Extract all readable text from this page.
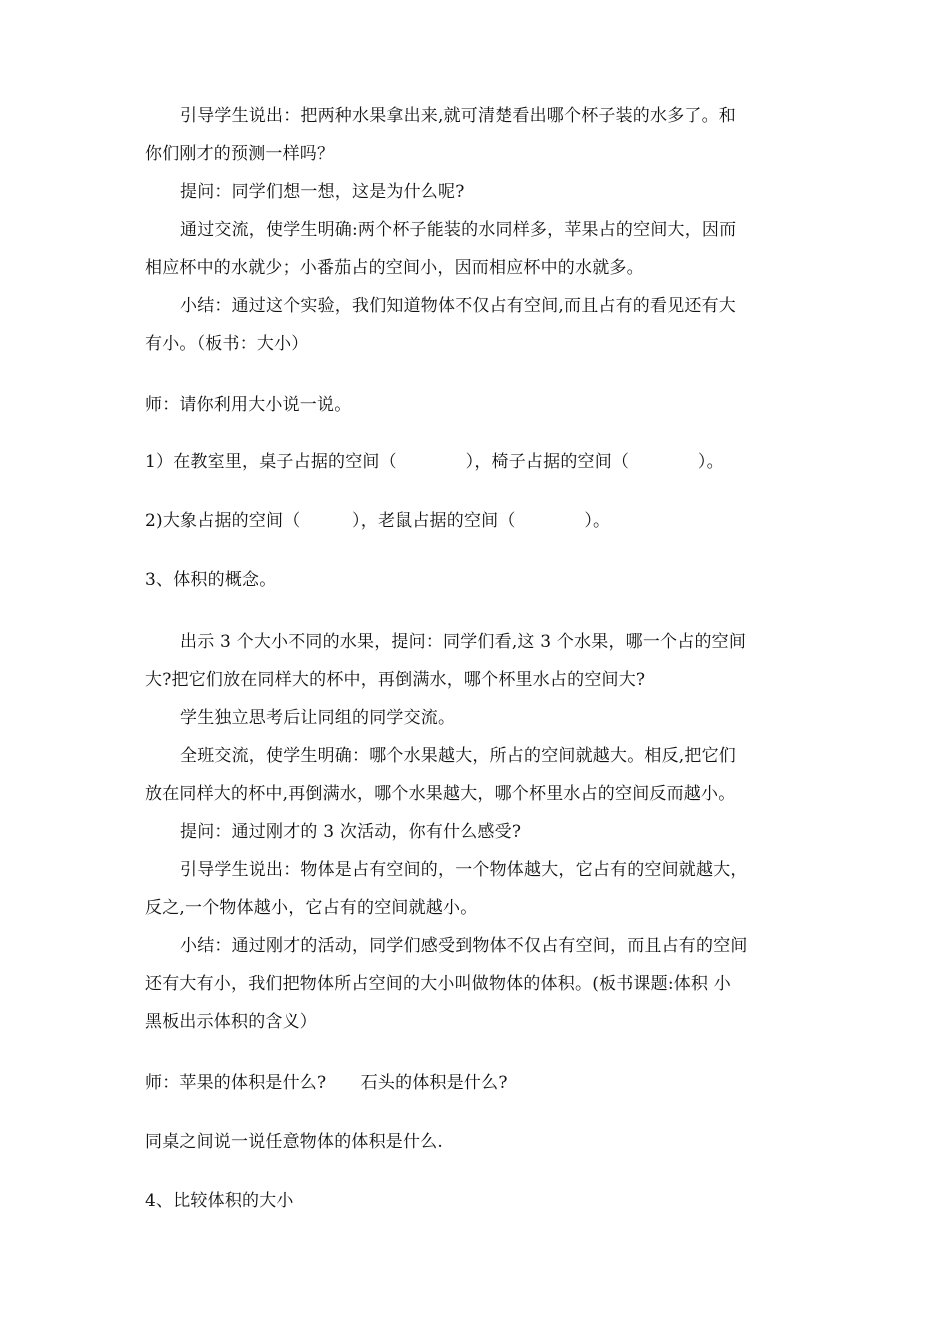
引导学生说出：把两种水果拿出来,就可清楚看出哪个杯子装的水多了。和
你们刚才的预测一样吗？
提问：同学们想一想，这是为什么呢?
通过交流，使学生明确:两个杯子能装的水同样多，苹果占的空间大，因而
相应杯中的水就少；小番茄占的空间小，因而相应杯中的水就多。
小结：通过这个实验，我们知道物体不仅占有空间,而且占有的看见还有大
有小。（板书：大小）
师：请你利用大小说一说。
1）在教室里，桌子占据的空间（　　　　），椅子占据的空间（　　　　）。
2)大象占据的空间（　　　），老鼠占据的空间（　　　　）。
3、体积的概念。
出示 3 个大小不同的水果，提问：同学们看,这 3 个水果，哪一个占的空间
大?把它们放在同样大的杯中，再倒满水，哪个杯里水占的空间大?
学生独立思考后让同组的同学交流。
全班交流，使学生明确：哪个水果越大，所占的空间就越大。相反,把它们
放在同样大的杯中,再倒满水，哪个水果越大，哪个杯里水占的空间反而越小。
提问：通过刚才的 3 次活动，你有什么感受?
引导学生说出：物体是占有空间的，一个物体越大，它占有的空间就越大，
反之,一个物体越小，它占有的空间就越小。
小结：通过刚才的活动，同学们感受到物体不仅占有空间，而且占有的空间
还有大有小，我们把物体所占空间的大小叫做物体的体积。(板书课题:体积 小
黑板出示体积的含义）
师：苹果的体积是什么?　　石头的体积是什么?
同桌之间说一说任意物体的体积是什么.
4、比较体积的大小
